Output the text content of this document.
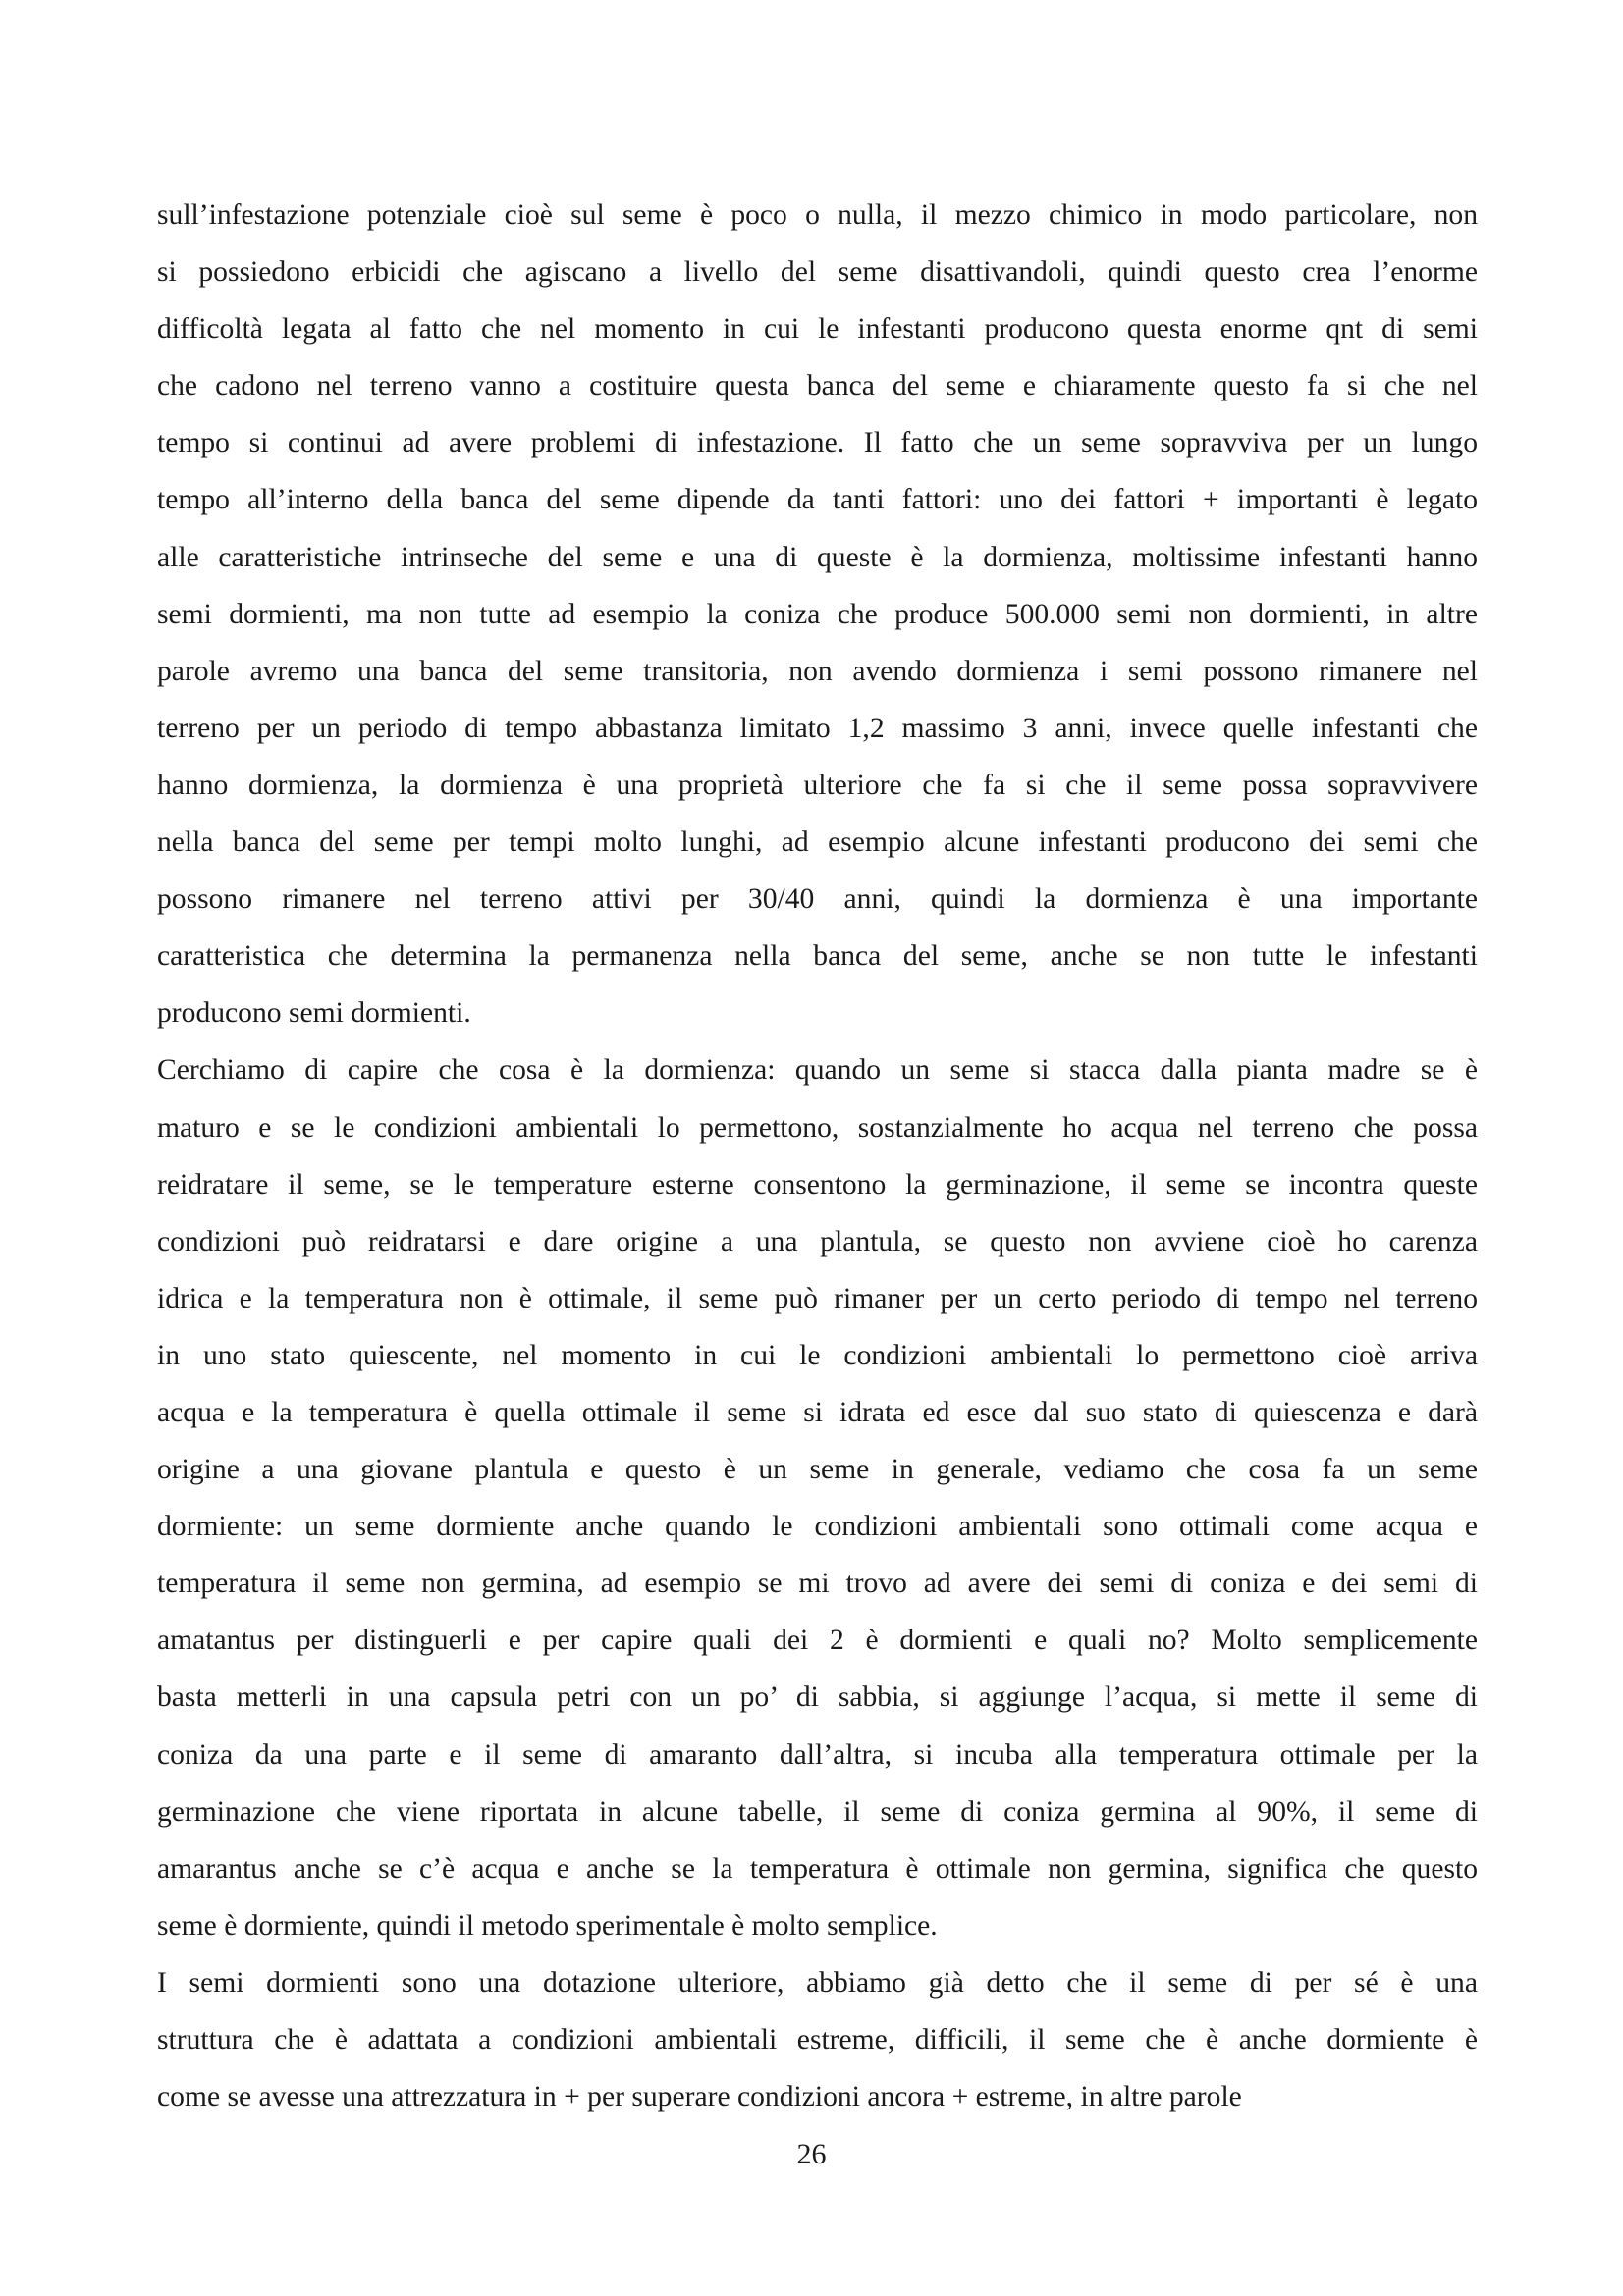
sull’infestazione potenziale cioè sul seme è poco o nulla, il mezzo chimico in modo particolare, non
si possiedono erbicidi che agiscano a livello del seme disattivandoli, quindi questo crea l’enorme
difficoltà legata al fatto che nel momento in cui le infestanti producono questa enorme qnt di semi
che cadono nel terreno vanno a costituire questa banca del seme e chiaramente questo fa si che nel
tempo si continui ad avere problemi di infestazione. Il fatto che un seme sopravviva per un lungo
tempo all’interno della banca del seme dipende da tanti fattori: uno dei fattori + importanti è legato
alle caratteristiche intrinseche del seme e una di queste è la dormienza, moltissime infestanti hanno
semi dormienti, ma non tutte ad esempio la coniza che produce 500.000 semi non dormienti, in altre
parole avremo una banca del seme transitoria, non avendo dormienza i semi possono rimanere nel
terreno per un periodo di tempo abbastanza limitato 1,2 massimo 3 anni, invece quelle infestanti che
hanno dormienza, la dormienza è una proprietà ulteriore che fa si che il seme possa sopravvivere
nella banca del seme per tempi molto lunghi, ad esempio alcune infestanti producono dei semi che
possono rimanere nel terreno attivi per 30/40 anni, quindi la dormienza è una importante
caratteristica che determina la permanenza nella banca del seme, anche se non tutte le infestanti
producono semi dormienti.
Cerchiamo di capire che cosa è la dormienza: quando un seme si stacca dalla pianta madre se è
maturo e se le condizioni ambientali lo permettono, sostanzialmente ho acqua nel terreno che possa
reidratare il seme, se le temperature esterne consentono la germinazione, il seme se incontra queste
condizioni può reidratarsi e dare origine a una plantula, se questo non avviene cioè ho carenza
idrica e la temperatura non è ottimale, il seme può rimaner per un certo periodo di tempo nel terreno
in uno stato quiescente, nel momento in cui le condizioni ambientali lo permettono cioè arriva
acqua e la temperatura è quella ottimale il seme si idrata ed esce dal suo stato di quiescenza e darà
origine a una giovane plantula e questo è un seme in generale, vediamo che cosa fa un seme
dormiente: un seme dormiente anche quando le condizioni ambientali sono ottimali come acqua e
temperatura il seme non germina, ad esempio se mi trovo ad avere dei semi di coniza e dei semi di
amatantus per distinguerli e per capire quali dei 2 è dormienti e quali no? Molto semplicemente
basta metterli in una capsula petri con un po’ di sabbia, si aggiunge l’acqua, si mette il seme di
coniza da una parte e il seme di amaranto dall’altra, si incuba alla temperatura ottimale per la
germinazione che viene riportata in alcune tabelle, il seme di coniza germina al 90%, il seme di
amarantus anche se c’è acqua e anche se la temperatura è ottimale non germina, significa che questo
seme è dormiente, quindi il metodo sperimentale è molto semplice.
I semi dormienti sono una dotazione ulteriore, abbiamo già detto che il seme di per sé è una
struttura che è adattata a condizioni ambientali estreme, difficili, il seme che è anche dormiente è
come se avesse una attrezzatura in + per superare condizioni ancora + estreme, in altre parole
26
